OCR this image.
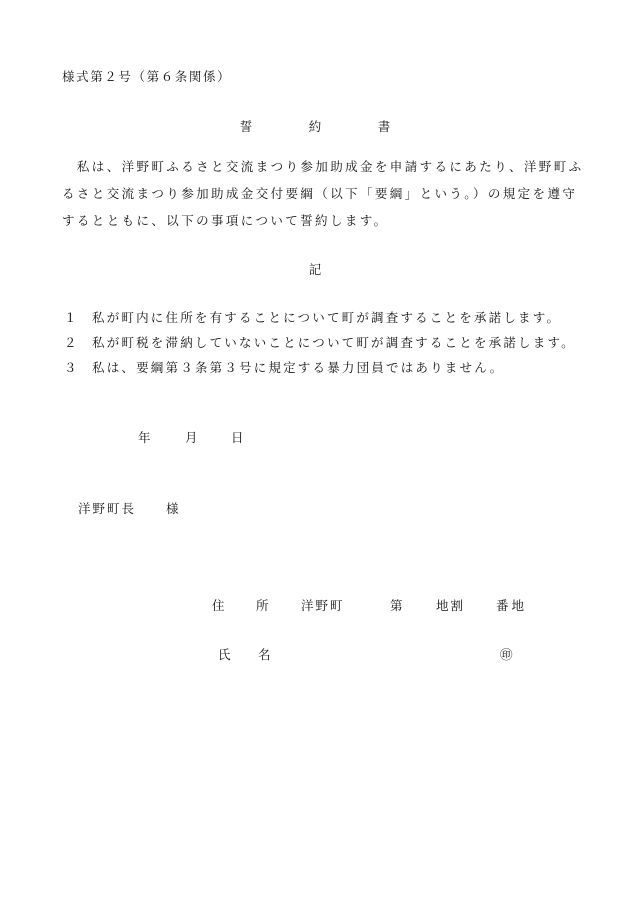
様式第２号（第６条関係）
誓　約　書
　私は、洋野町ふるさと交流まつり参加助成金を申請するにあたり、洋野町ふ
るさと交流まつり参加助成金交付要綱（以下「要綱」という。）の規定を遵守
するとともに、以下の事項について誓約します。
記
１	私が町内に住所を有することについて町が調査することを承諾します。
２	私が町税を滞納していないことについて町が調査することを承諾します。
３	私は、要綱第３条第３号に規定する暴力団員ではありません。
年	月	日
洋野町長 様
住	所	洋野町	第	地割 番地
氏 名	㊞
